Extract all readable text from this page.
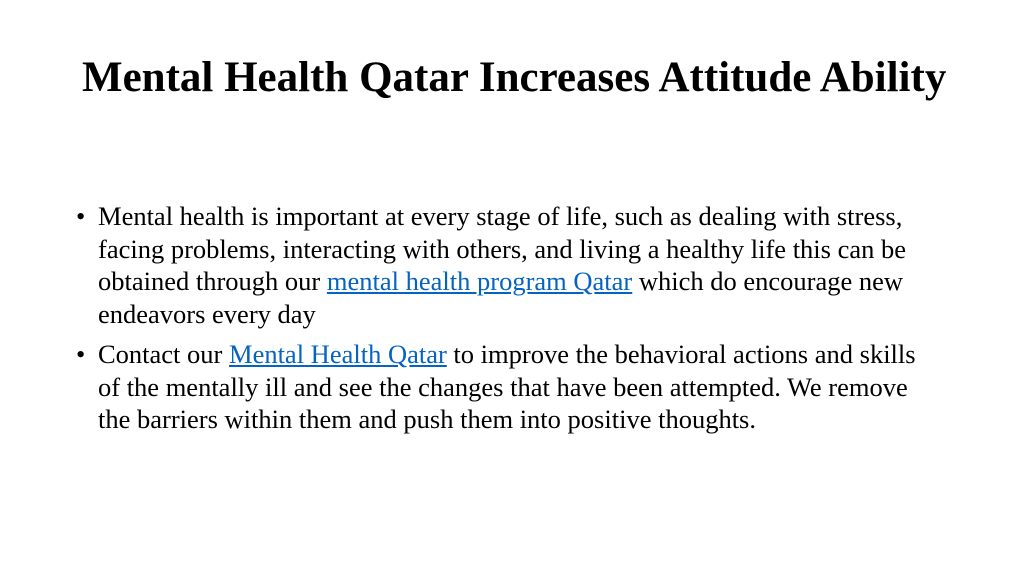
Mental Health Qatar Increases Attitude Ability
• Mental health is important at every stage of life, such as dealing with stress, facing problems, interacting with others, and living a healthy life this can be obtained through our mental health program Qatar which do encourage new endeavors every day
• Contact our Mental Health Qatar to improve the behavioral actions and skills of the mentally ill and see the changes that have been attempted. We remove the barriers within them and push them into positive thoughts.
